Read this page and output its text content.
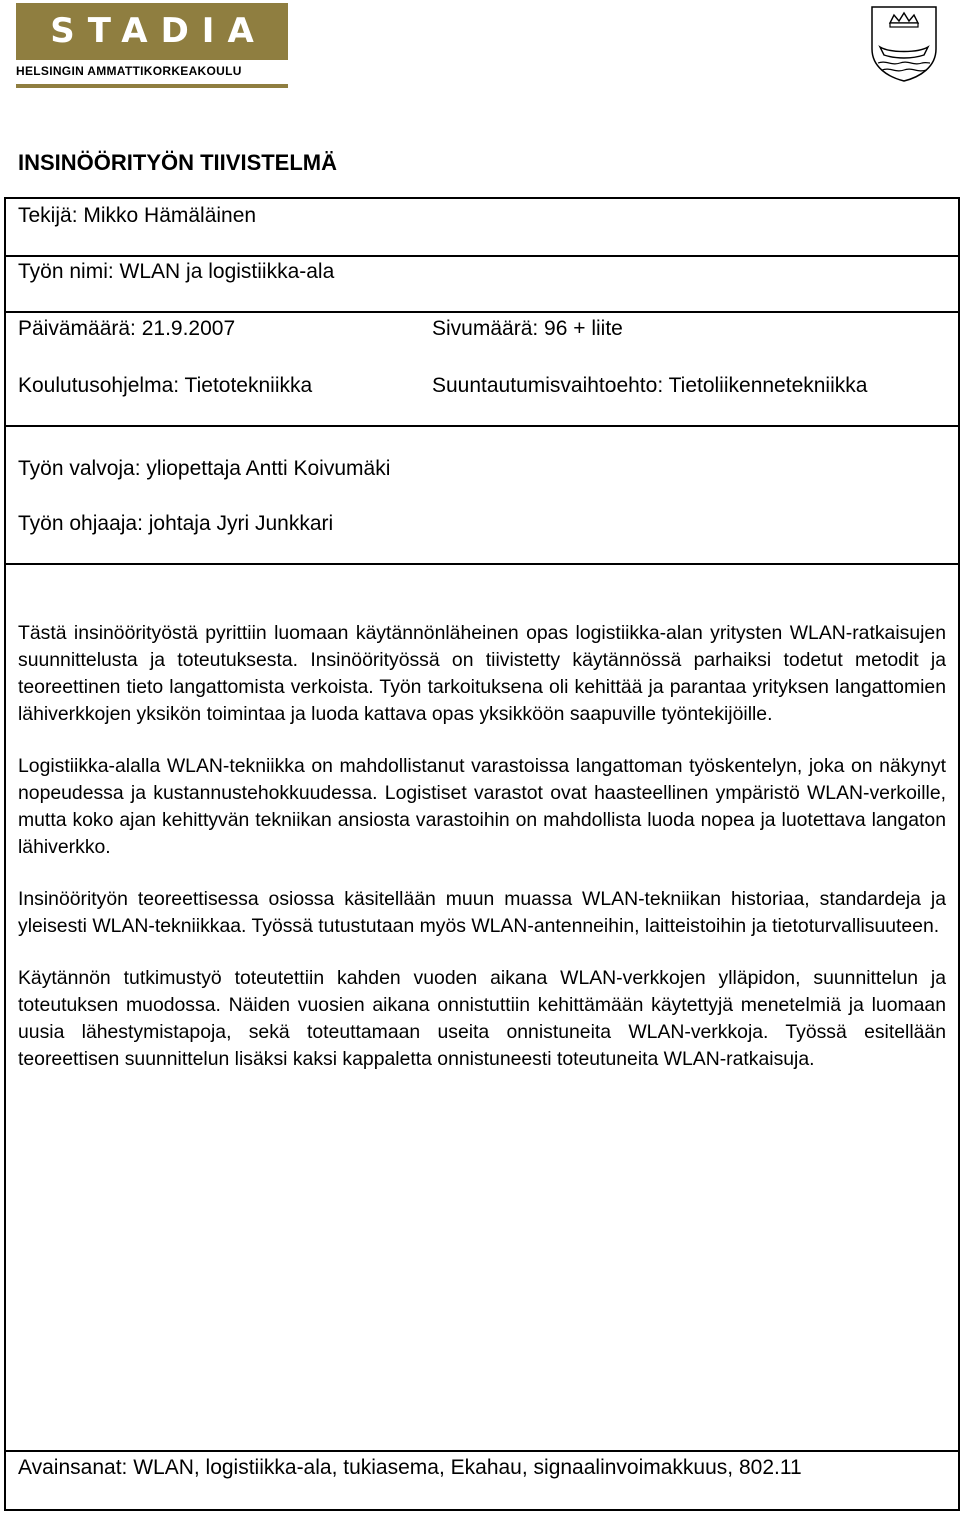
STADIA
HELSINGIN AMMATTIKORKEAKOULU
INSINÖÖRITYÖN TIIVISTELMÄ
Tekijä: Mikko Hämäläinen
Työn nimi: WLAN ja logistiikka-ala
Päivämäärä: 21.9.2007	Sivumäärä: 96 + liite
Koulutusohjelma: Tietotekniikka	Suuntautumisvaihtoehto: Tietoliikennetekniikka
Työn valvoja: yliopettaja Antti Koivumäki
Työn ohjaaja: johtaja Jyri Junkkari

Tästä insinöörityöstä pyrittiin luomaan käytännönläheinen opas logistiikka-alan yritysten WLAN-ratkaisujen suunnittelusta ja toteutuksesta. Insinöörityössä on tiivistetty käytännössä parhaiksi todetut metodit ja teoreettinen tieto langattomista verkoista. Työn tarkoituksena oli kehittää ja parantaa yrityksen langattomien lähiverkkojen yksikön toimintaa ja luoda kattava opas yksikköön saapuville työntekijöille.

Logistiikka-alalla WLAN-tekniikka on mahdollistanut varastoissa langattoman työskentelyn, joka on näkynyt nopeudessa ja kustannustehokkuudessa. Logistiset varastot ovat haasteellinen ympäristö WLAN-verkoille, mutta koko ajan kehittyvän tekniikan ansiosta varastoihin on mahdollista luoda nopea ja luotettava langaton lähiverkko.

Insinöörityön teoreettisessa osiossa käsitellään muun muassa WLAN-tekniikan historiaa, standardeja ja yleisesti WLAN-tekniikkaa. Työssä tutustutaan myös WLAN-antenneihin, laitteistoihin ja tietoturvallisuuteen.

Käytännön tutkimustyö toteutettiin kahden vuoden aikana WLAN-verkkojen ylläpidon, suunnittelun ja toteutuksen muodossa. Näiden vuosien aikana onnistuttiin kehittämään käytettyjä menetelmiä ja luomaan uusia lähestymistapoja, sekä toteuttamaan useita onnistuneita WLAN-verkkoja. Työssä esitellään teoreettisen suunnittelun lisäksi kaksi kappaletta onnistuneesti toteutuneita WLAN-ratkaisuja.

Avainsanat: WLAN, logistiikka-ala, tukiasema, Ekahau, signaalinvoimakkuus, 802.11
